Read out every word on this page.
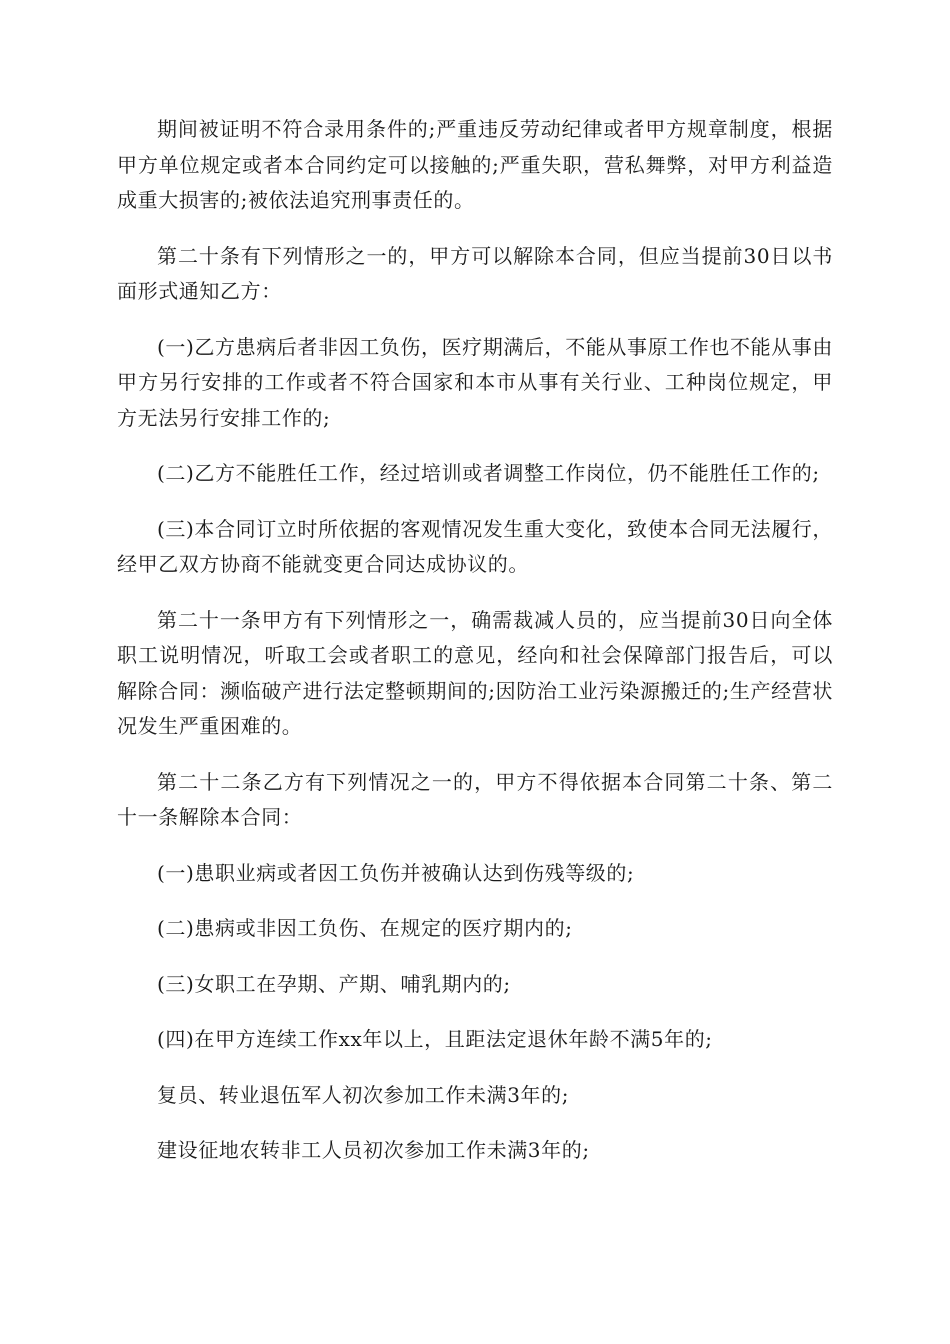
期间被证明不符合录用条件的;严重违反劳动纪律或者甲方规章制度，根据甲方单位规定或者本合同约定可以接触的;严重失职，营私舞弊，对甲方利益造成重大损害的;被依法追究刑事责任的。

第二十条有下列情形之一的，甲方可以解除本合同，但应当提前30日以书面形式通知乙方：

(一)乙方患病后者非因工负伤，医疗期满后，不能从事原工作也不能从事由甲方另行安排的工作或者不符合国家和本市从事有关行业、工种岗位规定，甲方无法另行安排工作的;

(二)乙方不能胜任工作，经过培训或者调整工作岗位，仍不能胜任工作的;

(三)本合同订立时所依据的客观情况发生重大变化，致使本合同无法履行，经甲乙双方协商不能就变更合同达成协议的。

第二十一条甲方有下列情形之一，确需裁减人员的，应当提前30日向全体职工说明情况，听取工会或者职工的意见，经向和社会保障部门报告后，可以解除合同：濒临破产进行法定整顿期间的;因防治工业污染源搬迁的;生产经营状况发生严重困难的。

第二十二条乙方有下列情况之一的，甲方不得依据本合同第二十条、第二十一条解除本合同：

(一)患职业病或者因工负伤并被确认达到伤残等级的;

(二)患病或非因工负伤、在规定的医疗期内的;

(三)女职工在孕期、产期、哺乳期内的;

(四)在甲方连续工作xx年以上，且距法定退休年龄不满5年的;

复员、转业退伍军人初次参加工作未满3年的;

建设征地农转非工人员初次参加工作未满3年的;
